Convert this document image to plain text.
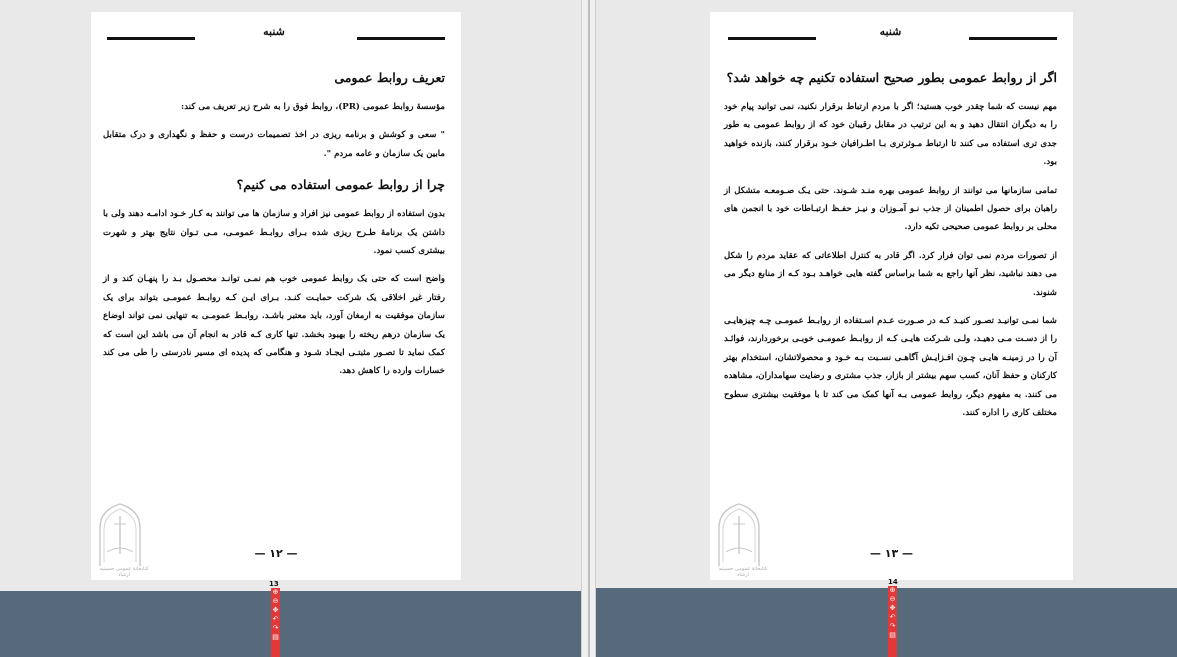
شنبه
تعریف روابط عمومی

مؤسسهٔ روابط عمومی (PR)، روابط فوق را به شرح زیر تعریف می کند:

" سعی و کوشش و برنامه ریزی در اخذ تصمیمات درست و حفظ و نگهداری و درک متقابل مابین یک سازمان و عامه مردم ".

چرا از روابط عمومی استفاده می کنیم؟

بدون استفاده از روابط عمومی نیز افراد و سازمان ها می توانند به کـار خـود ادامـه دهند ولی با داشتن یک برنامهٔ طـرح ریزی شده بـرای روابـط عمومـی، مـی تـوان نتایج بهتر و شهرت بیشتری کسب نمود.

واضح است که حتی یک روابط عمومی خوب هم نمـی توانـد محصـول بـد را پنهـان کند و از رفتار غیر اخلاقی یک شرکت حمایـت کنـد. بـرای ایـن کـه روابـط عمومـی بتواند برای یک سازمان موفقیت به ارمغان آورد، باید معتبر باشـد. روابـط عمومـی به تنهایی نمی تواند اوضاع یک سازمان درهم ریخته را بهبود بخشد. تنها کاری کـه قادر به انجام آن می باشد این است که کمک نماید تا تصـور مثبتـی ایجـاد شـود و هنگامی که پدیده ای مسیر نادرستی را طی می کند خسارات وارده را کاهش دهد.

کتابخانهٔ عمومی حسینیه ارشاد
— ۱۲ —
13
⊕
⊖
✥
↶
↷
▤
شنبه
اگر از روابط عمومی بطور صحیح استفاده تکنیم چه خواهد شد؟

مهم نیست که شما چقدر خوب هستید؛ اگر با مردم ارتباط برقرار نکنید، نمی توانید پیام خود را به دیگران انتقال دهید و به این ترتیب در مقابل رقیبان خود که از روابط عمومی به طور جدی تری استفاده می کنند تا ارتباط مـوثرتری بـا اطـرافیان خـود برقرار کنند، بازنده خواهید بود.

تمامی سازمانها می توانند از روابط عمومی بهره منـد شـوند. حتی یـک صـومعـه متشکل از راهبان برای حصول اطمینان از جذب نـو آمـوزان و نیـز حفـظ ارتبـاطات خود با انجمن های محلی بر روابط عمومی صحیحی تکیه دارد.

از تصورات مردم نمی توان فرار کرد. اگر قادر به کنترل اطلاعاتی که عقاید مردم را شکل می دهند نباشید، نظر آنها راجع به شما براساس گفته هایی خواهـد بـود کـه از منابع دیگر می شنوند.

شما نمـی توانیـد تصـور کنیـد کـه در صـورت عـدم اسـتفاده از روابـط عمومـی چـه چیزهایـی را از دسـت مـی دهیـد، ولـی شـرکت هایـی کـه از روابـط عمومـی خوبـی برخوردارند، فوائـد آن را در زمینـه هایـی چـون افـزایـش آگاهـی نسـبت بـه خـود و محصولاتشان، استخدام بهتر کارکنان و حفظ آنان، کسب سهم بیشتر از بازار، جذب مشتری و رضایت سهامداران، مشاهده می کنند. به مفهوم دیگر، روابط عمومی بـه آنها کمک می کند تا با موفقیت بیشتری سطوح مختلف کاری را اداره کنند.

کتابخانهٔ عمومی حسینیه ارشاد
— ۱۳ —
14
⊕
⊖
✥
↶
↷
▤
